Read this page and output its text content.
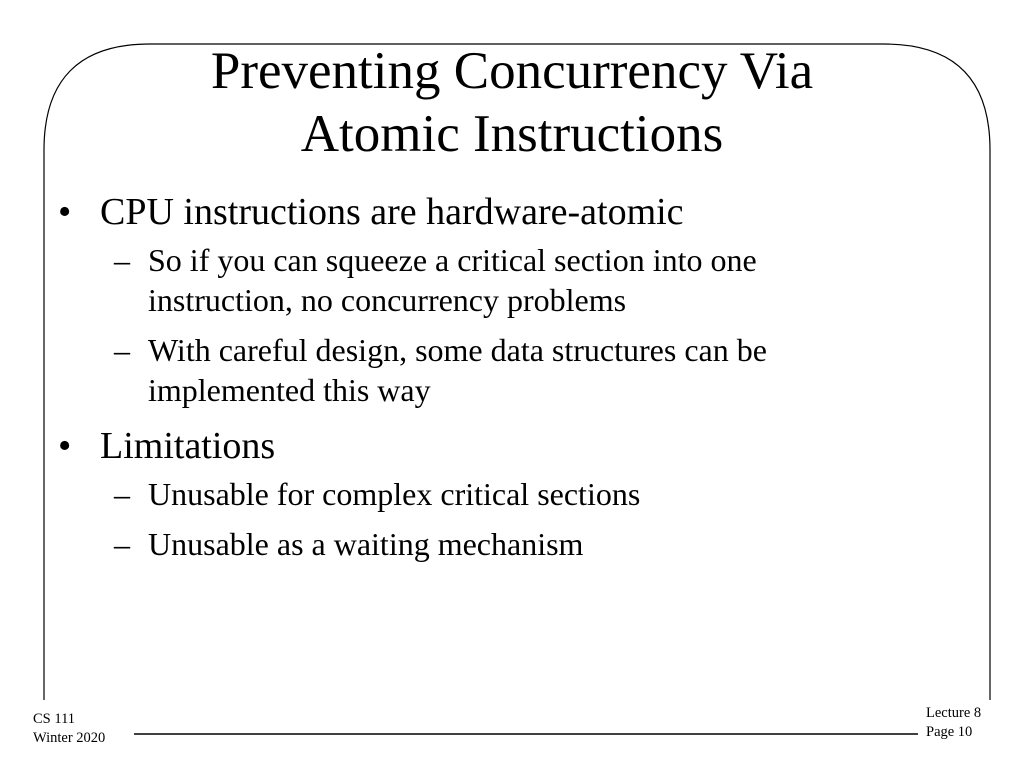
Preventing Concurrency Via
Atomic Instructions
• CPU instructions are hardware-atomic
– So if you can squeeze a critical section into one
instruction, no concurrency problems
– With careful design, some data structures can be
implemented this way
• Limitations
– Unusable for complex critical sections
– Unusable as a waiting mechanism
CS 111
Winter 2020
Lecture 8
Page 10
